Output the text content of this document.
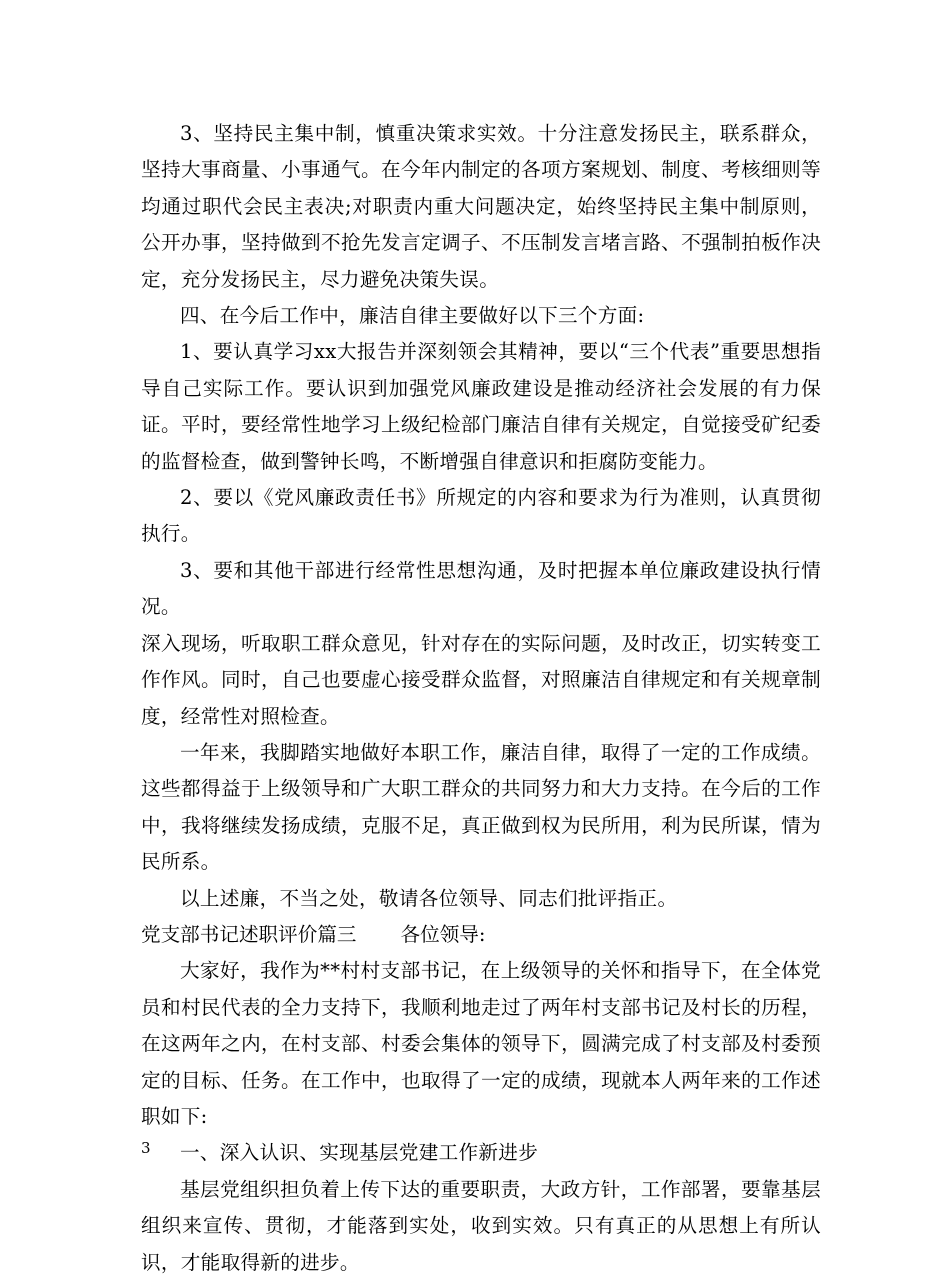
3、坚持民主集中制，慎重决策求实效。十分注意发扬民主，联系群众，坚持大事商量、小事通气。在今年内制定的各项方案规划、制度、考核细则等均通过职代会民主表决;对职责内重大问题决定，始终坚持民主集中制原则，公开办事，坚持做到不抢先发言定调子、不压制发言堵言路、不强制拍板作决定，充分发扬民主，尽力避免决策失误。

四、在今后工作中，廉洁自律主要做好以下三个方面:

1、要认真学习xx大报告并深刻领会其精神，要以“三个代表”重要思想指导自己实际工作。要认识到加强党风廉政建设是推动经济社会发展的有力保证。平时，要经常性地学习上级纪检部门廉洁自律有关规定，自觉接受矿纪委的监督检查，做到警钟长鸣，不断增强自律意识和拒腐防变能力。

2、要以《党风廉政责任书》所规定的内容和要求为行为准则，认真贯彻执行。

3、要和其他干部进行经常性思想沟通，及时把握本单位廉政建设执行情况。

深入现场，听取职工群众意见，针对存在的实际问题，及时改正，切实转变工作作风。同时，自己也要虚心接受群众监督，对照廉洁自律规定和有关规章制度，经常性对照检查。

一年来，我脚踏实地做好本职工作，廉洁自律，取得了一定的工作成绩。这些都得益于上级领导和广大职工群众的共同努力和大力支持。在今后的工作中，我将继续发扬成绩，克服不足，真正做到权为民所用，利为民所谋，情为民所系。

以上述廉，不当之处，敬请各位领导、同志们批评指正。

党支部书记述职评价篇三 各位领导:

大家好，我作为**村村支部书记，在上级领导的关怀和指导下，在全体党员和村民代表的全力支持下，我顺利地走过了两年村支部书记及村长的历程，在这两年之内，在村支部、村委会集体的领导下，圆满完成了村支部及村委预定的目标、任务。在工作中，也取得了一定的成绩，现就本人两年来的工作述职如下:

一、深入认识、实现基层党建工作新进步

基层党组织担负着上传下达的重要职责，大政方针，工作部署，要靠基层组织来宣传、贯彻，才能落到实处，收到实效。只有真正的从思想上有所认识，才能取得新的进步。

3
